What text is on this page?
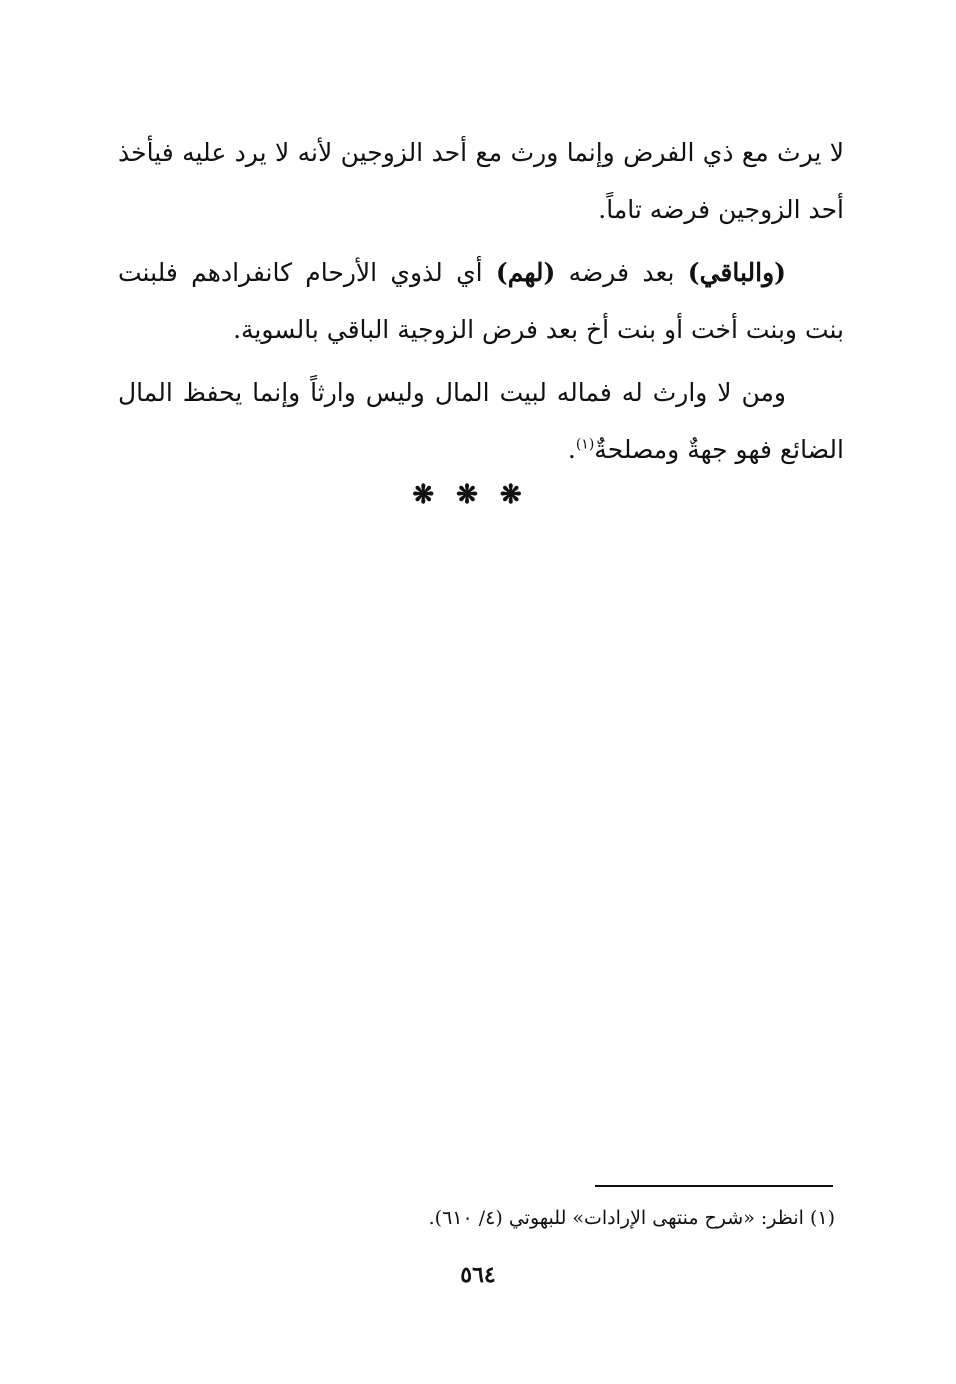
لا يرث مع ذي الفرض وإنما ورث مع أحد الزوجين لأنه لا يرد عليه فيأخذ أحد الزوجين فرضه تاماً.

(والباقي) بعد فرضه (لهم) أي لذوي الأرحام كانفرادهم فلبنت بنت وبنت أخت أو بنت أخ بعد فرض الزوجية الباقي بالسوية.

ومن لا وارث له فماله لبيت المال وليس وارثاً وإنما يحفظ المال الضائع فهو جهةٌ ومصلحةٌ$^{(١)}$.

❋❋❋
(١) انظر: «شرح منتهى الإرادات» للبهوتي (٤/ ٦١٠).
٥٦٤
